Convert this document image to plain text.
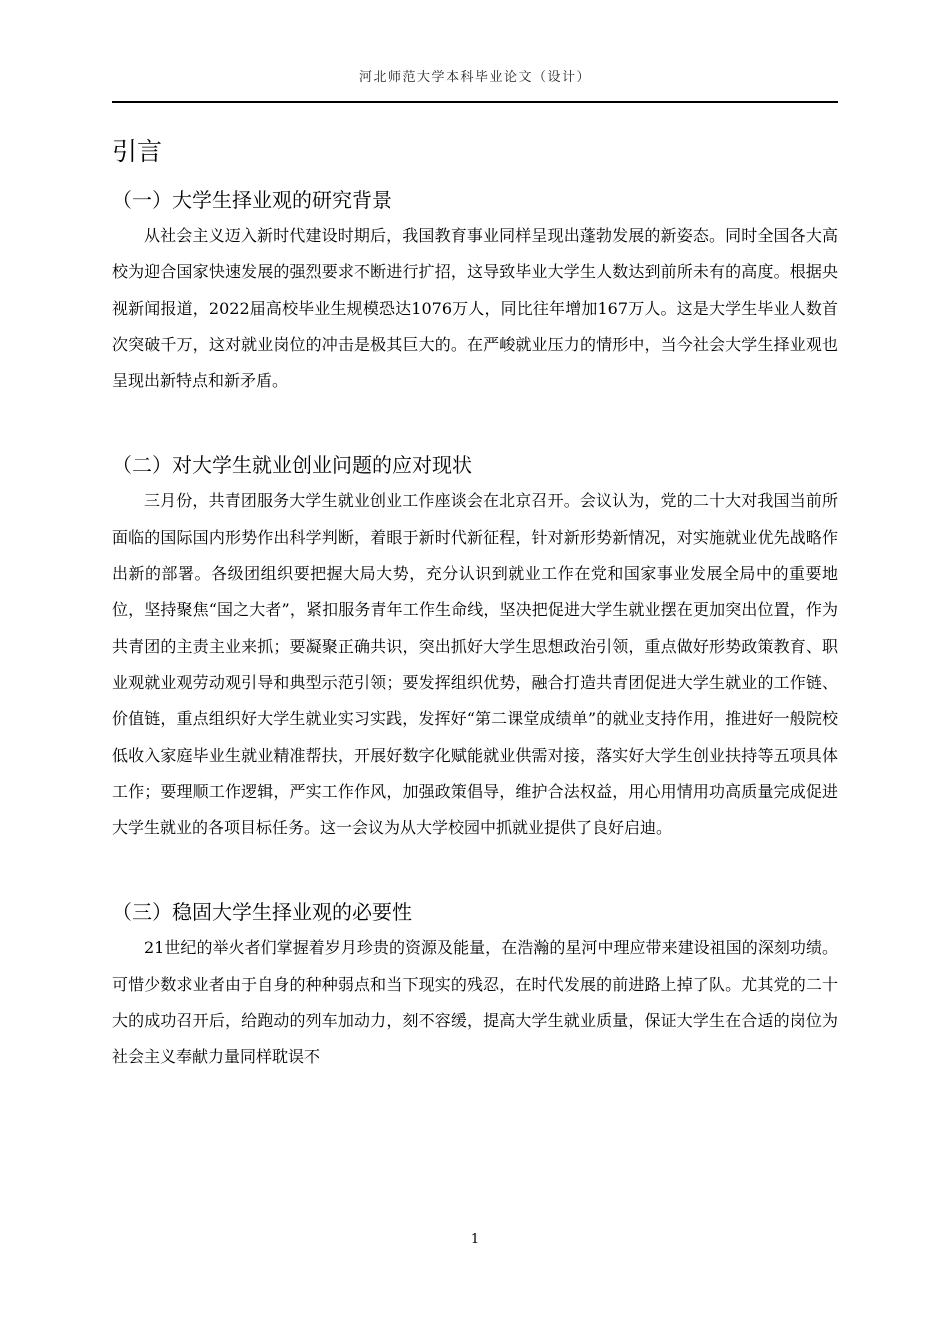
河北师范大学本科毕业论文（设计）
引言
（一）大学生择业观的研究背景

从社会主义迈入新时代建设时期后，我国教育事业同样呈现出蓬勃发展的新姿态。同时全国各大高校为迎合国家快速发展的强烈要求不断进行扩招，这导致毕业大学生人数达到前所未有的高度。根据央视新闻报道，2022届高校毕业生规模恐达1076万人，同比往年增加167万人。这是大学生毕业人数首次突破千万，这对就业岗位的冲击是极其巨大的。在严峻就业压力的情形中，当今社会大学生择业观也呈现出新特点和新矛盾。

（二）对大学生就业创业问题的应对现状

三月份，共青团服务大学生就业创业工作座谈会在北京召开。会议认为，党的二十大对我国当前所面临的国际国内形势作出科学判断，着眼于新时代新征程，针对新形势新情况，对实施就业优先战略作出新的部署。各级团组织要把握大局大势，充分认识到就业工作在党和国家事业发展全局中的重要地位，坚持聚焦“国之大者”，紧扣服务青年工作生命线，坚决把促进大学生就业摆在更加突出位置，作为共青团的主责主业来抓；要凝聚正确共识，突出抓好大学生思想政治引领，重点做好形势政策教育、职业观就业观劳动观引导和典型示范引领；要发挥组织优势，融合打造共青团促进大学生就业的工作链、价值链，重点组织好大学生就业实习实践，发挥好“第二课堂成绩单”的就业支持作用，推进好一般院校低收入家庭毕业生就业精准帮扶，开展好数字化赋能就业供需对接，落实好大学生创业扶持等五项具体工作；要理顺工作逻辑，严实工作作风，加强政策倡导，维护合法权益，用心用情用功高质量完成促进大学生就业的各项目标任务。这一会议为从大学校园中抓就业提供了良好启迪。

（三）稳固大学生择业观的必要性

21世纪的举火者们掌握着岁月珍贵的资源及能量，在浩瀚的星河中理应带来建设祖国的深刻功绩。可惜少数求业者由于自身的种种弱点和当下现实的残忍，在时代发展的前进路上掉了队。尤其党的二十大的成功召开后，给跑动的列车加动力，刻不容缓，提高大学生就业质量，保证大学生在合适的岗位为社会主义奉献力量同样耽误不

1
